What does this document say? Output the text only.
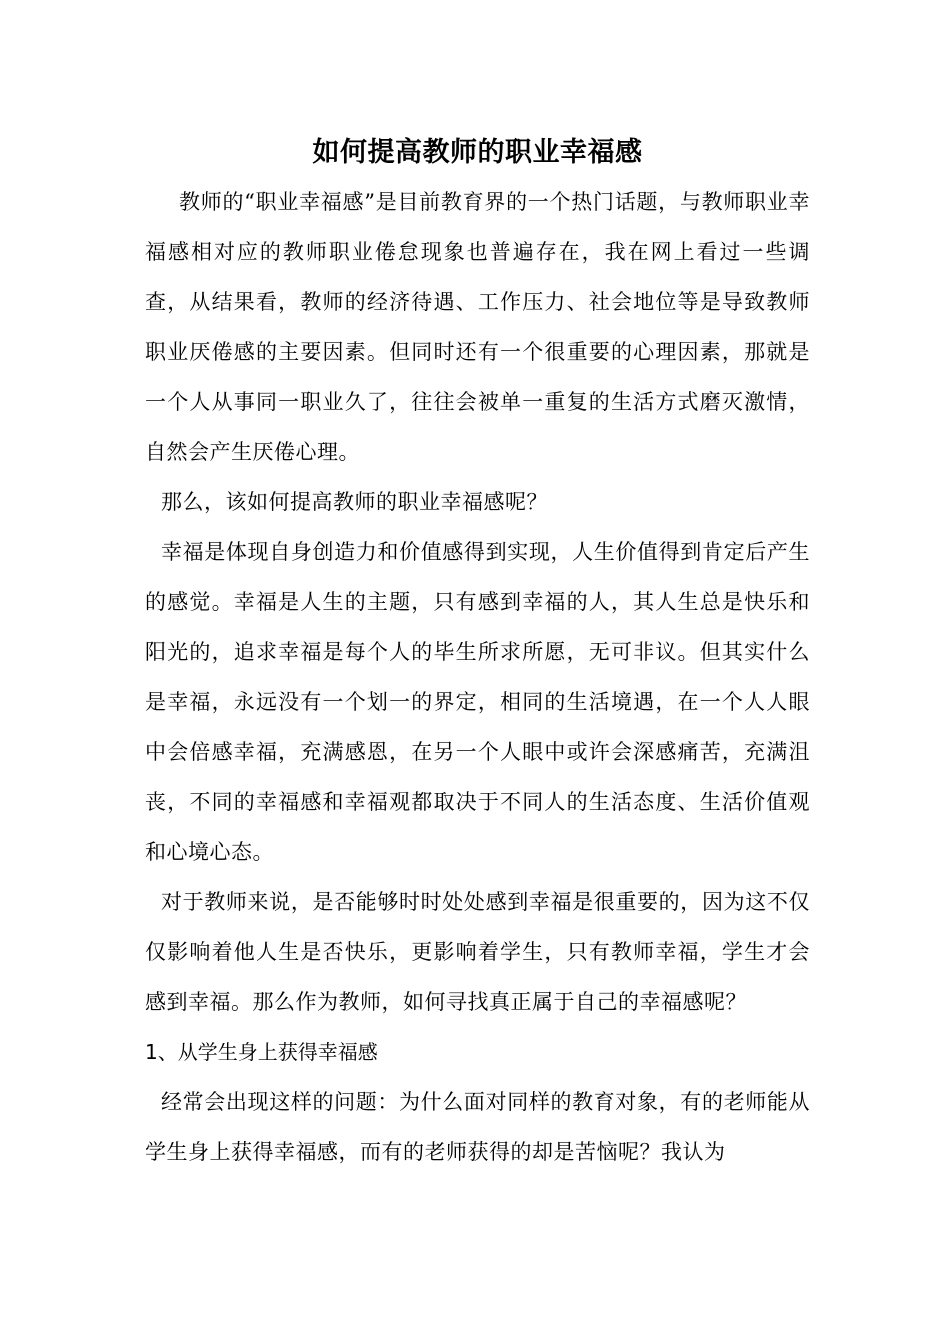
如何提高教师的职业幸福感

教师的“职业幸福感”是目前教育界的一个热门话题，与教师职业幸福感相对应的教师职业倦怠现象也普遍存在，我在网上看过一些调查，从结果看，教师的经济待遇、工作压力、社会地位等是导致教师职业厌倦感的主要因素。但同时还有一个很重要的心理因素，那就是一个人从事同一职业久了，往往会被单一重复的生活方式磨灭激情，自然会产生厌倦心理。

那么，该如何提高教师的职业幸福感呢？

幸福是体现自身创造力和价值感得到实现，人生价值得到肯定后产生的感觉。幸福是人生的主题，只有感到幸福的人，其人生总是快乐和阳光的，追求幸福是每个人的毕生所求所愿，无可非议。但其实什么是幸福，永远没有一个划一的界定，相同的生活境遇，在一个人人眼中会倍感幸福，充满感恩，在另一个人眼中或许会深感痛苦，充满沮丧，不同的幸福感和幸福观都取决于不同人的生活态度、生活价值观和心境心态。

对于教师来说，是否能够时时处处感到幸福是很重要的，因为这不仅仅影响着他人生是否快乐，更影响着学生，只有教师幸福，学生才会感到幸福。那么作为教师，如何寻找真正属于自己的幸福感呢？

1、从学生身上获得幸福感

经常会出现这样的问题：为什么面对同样的教育对象，有的老师能从学生身上获得幸福感，而有的老师获得的却是苦恼呢？我认为
